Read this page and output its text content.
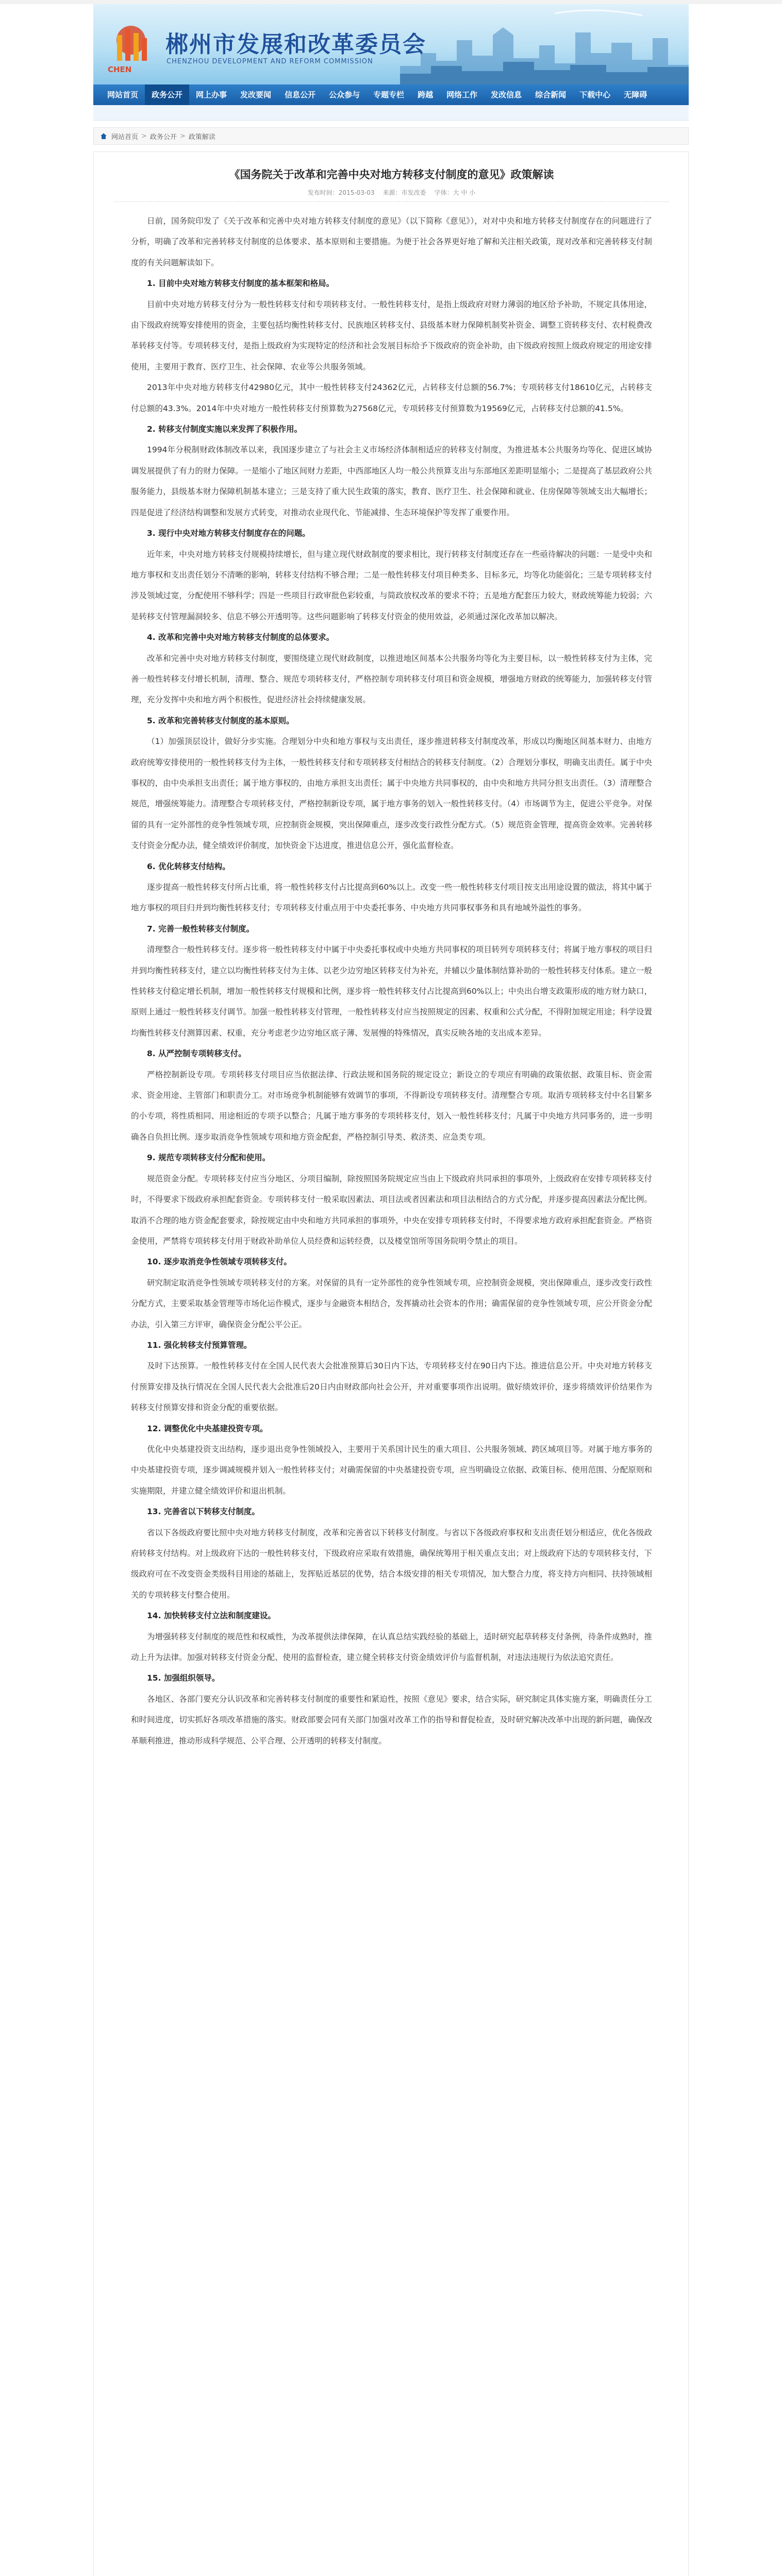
CHEN
郴州市发展和改革委员会
CHENZHOU DEVELOPMENT AND REFORM COMMISSION
网站首页	政务公开	网上办事	发改要闻	信息公开	公众参与	专题专栏	跨越	网络工作	发改信息	综合新闻	下载中心	无障碍
网站首页 > 政务公开 > 政策解读
《国务院关于改革和完善中央对地方转移支付制度的意见》政策解读
发布时间：2015-03-03 来源：市发改委 字体：大 中 小

日前，国务院印发了《关于改革和完善中央对地方转移支付制度的意见》（以下简称《意见》），对对中央和地方转移支付制度存在的问题进行了分析，明确了改革和完善转移支付制度的总体要求、基本原则和主要措施。为便于社会各界更好地了解和关注相关政策，现对改革和完善转移支付制度的有关问题解读如下。

1. 目前中央对地方转移支付制度的基本框架和格局。

目前中央对地方转移支付分为一般性转移支付和专项转移支付。一般性转移支付，是指上级政府对财力薄弱的地区给予补助，不规定具体用途，由下级政府统筹安排使用的资金，主要包括均衡性转移支付、民族地区转移支付、县级基本财力保障机制奖补资金、调整工资转移支付、农村税费改革转移支付等。专项转移支付，是指上级政府为实现特定的经济和社会发展目标给予下级政府的资金补助，由下级政府按照上级政府规定的用途安排使用，主要用于教育、医疗卫生、社会保障、农业等公共服务领域。

2013年中央对地方转移支付42980亿元，其中一般性转移支付24362亿元，占转移支付总额的56.7%；专项转移支付18610亿元，占转移支付总额的43.3%。2014年中央对地方一般性转移支付预算数为27568亿元，专项转移支付预算数为19569亿元，占转移支付总额的41.5%。

2. 转移支付制度实施以来发挥了积极作用。

1994年分税制财政体制改革以来，我国逐步建立了与社会主义市场经济体制相适应的转移支付制度，为推进基本公共服务均等化、促进区域协调发展提供了有力的财力保障。一是缩小了地区间财力差距，中西部地区人均一般公共预算支出与东部地区差距明显缩小；二是提高了基层政府公共服务能力，县级基本财力保障机制基本建立；三是支持了重大民生政策的落实，教育、医疗卫生、社会保障和就业、住房保障等领域支出大幅增长；四是促进了经济结构调整和发展方式转变，对推动农业现代化、节能减排、生态环境保护等发挥了重要作用。

3. 现行中央对地方转移支付制度存在的问题。

近年来，中央对地方转移支付规模持续增长，但与建立现代财政制度的要求相比，现行转移支付制度还存在一些亟待解决的问题：一是受中央和地方事权和支出责任划分不清晰的影响，转移支付结构不够合理；二是一般性转移支付项目种类多、目标多元，均等化功能弱化；三是专项转移支付涉及领域过宽，分配使用不够科学；四是一些项目行政审批色彩较重，与简政放权改革的要求不符；五是地方配套压力较大，财政统筹能力较弱；六是转移支付管理漏洞较多、信息不够公开透明等。这些问题影响了转移支付资金的使用效益，必须通过深化改革加以解决。

4. 改革和完善中央对地方转移支付制度的总体要求。

改革和完善中央对地方转移支付制度，要围绕建立现代财政制度，以推进地区间基本公共服务均等化为主要目标，以一般性转移支付为主体，完善一般性转移支付增长机制，清理、整合、规范专项转移支付，严格控制专项转移支付项目和资金规模，增强地方财政的统筹能力，加强转移支付管理，充分发挥中央和地方两个积极性，促进经济社会持续健康发展。

5. 改革和完善转移支付制度的基本原则。

（1）加强顶层设计，做好分步实施。合理划分中央和地方事权与支出责任，逐步推进转移支付制度改革，形成以均衡地区间基本财力、由地方政府统筹安排使用的一般性转移支付为主体，一般性转移支付和专项转移支付相结合的转移支付制度。（2）合理划分事权，明确支出责任。属于中央事权的，由中央承担支出责任；属于地方事权的，由地方承担支出责任；属于中央地方共同事权的，由中央和地方共同分担支出责任。（3）清理整合规范，增强统筹能力。清理整合专项转移支付，严格控制新设专项，属于地方事务的划入一般性转移支付。（4）市场调节为主，促进公平竞争。对保留的具有一定外部性的竞争性领域专项，应控制资金规模，突出保障重点，逐步改变行政性分配方式。（5）规范资金管理，提高资金效率。完善转移支付资金分配办法，健全绩效评价制度，加快资金下达进度，推进信息公开，强化监督检查。

6. 优化转移支付结构。

逐步提高一般性转移支付所占比重，将一般性转移支付占比提高到60%以上。改变一些一般性转移支付项目按支出用途设置的做法，将其中属于地方事权的项目归并到均衡性转移支付；专项转移支付重点用于中央委托事务、中央地方共同事权事务和具有地域外溢性的事务。

7. 完善一般性转移支付制度。

清理整合一般性转移支付。逐步将一般性转移支付中属于中央委托事权或中央地方共同事权的项目转列专项转移支付；将属于地方事权的项目归并到均衡性转移支付，建立以均衡性转移支付为主体、以老少边穷地区转移支付为补充，并辅以少量体制结算补助的一般性转移支付体系。建立一般性转移支付稳定增长机制，增加一般性转移支付规模和比例，逐步将一般性转移支付占比提高到60%以上；中央出台增支政策形成的地方财力缺口，原则上通过一般性转移支付调节。加强一般性转移支付管理，一般性转移支付应当按照规定的因素、权重和公式分配，不得附加规定用途；科学设置均衡性转移支付测算因素、权重，充分考虑老少边穷地区底子薄、发展慢的特殊情况，真实反映各地的支出成本差异。

8. 从严控制专项转移支付。

严格控制新设专项。专项转移支付项目应当依据法律、行政法规和国务院的规定设立；新设立的专项应有明确的政策依据、政策目标、资金需求、资金用途、主管部门和职责分工。对市场竞争机制能够有效调节的事项，不得新设专项转移支付。清理整合专项。取消专项转移支付中名目繁多的小专项，将性质相同、用途相近的专项予以整合；凡属于地方事务的专项转移支付，划入一般性转移支付；凡属于中央地方共同事务的，进一步明确各自负担比例。逐步取消竞争性领域专项和地方资金配套，严格控制引导类、救济类、应急类专项。

9. 规范专项转移支付分配和使用。

规范资金分配。专项转移支付应当分地区、分项目编制，除按照国务院规定应当由上下级政府共同承担的事项外，上级政府在安排专项转移支付时，不得要求下级政府承担配套资金。专项转移支付一般采取因素法、项目法或者因素法和项目法相结合的方式分配，并逐步提高因素法分配比例。取消不合理的地方资金配套要求，除按规定由中央和地方共同承担的事项外，中央在安排专项转移支付时，不得要求地方政府承担配套资金。严格资金使用，严禁将专项转移支付用于财政补助单位人员经费和运转经费，以及楼堂馆所等国务院明令禁止的项目。

10. 逐步取消竞争性领域专项转移支付。

研究制定取消竞争性领域专项转移支付的方案。对保留的具有一定外部性的竞争性领域专项，应控制资金规模，突出保障重点，逐步改变行政性分配方式，主要采取基金管理等市场化运作模式，逐步与金融资本相结合，发挥撬动社会资本的作用；确需保留的竞争性领域专项，应公开资金分配办法，引入第三方评审，确保资金分配公平公正。

11. 强化转移支付预算管理。

及时下达预算。一般性转移支付在全国人民代表大会批准预算后30日内下达，专项转移支付在90日内下达。推进信息公开。中央对地方转移支付预算安排及执行情况在全国人民代表大会批准后20日内由财政部向社会公开，并对重要事项作出说明。做好绩效评价，逐步将绩效评价结果作为转移支付预算安排和资金分配的重要依据。

12. 调整优化中央基建投资专项。

优化中央基建投资支出结构，逐步退出竞争性领域投入，主要用于关系国计民生的重大项目、公共服务领域、跨区域项目等。对属于地方事务的中央基建投资专项，逐步调减规模并划入一般性转移支付；对确需保留的中央基建投资专项，应当明确设立依据、政策目标、使用范围、分配原则和实施期限，并建立健全绩效评价和退出机制。

13. 完善省以下转移支付制度。

省以下各级政府要比照中央对地方转移支付制度，改革和完善省以下转移支付制度。与省以下各级政府事权和支出责任划分相适应，优化各级政府转移支付结构。对上级政府下达的一般性转移支付，下级政府应采取有效措施，确保统筹用于相关重点支出；对上级政府下达的专项转移支付，下级政府可在不改变资金类级科目用途的基础上，发挥贴近基层的优势，结合本级安排的相关专项情况，加大整合力度，将支持方向相同、扶持领域相关的专项转移支付整合使用。

14. 加快转移支付立法和制度建设。

为增强转移支付制度的规范性和权威性，为改革提供法律保障，在认真总结实践经验的基础上，适时研究起草转移支付条例，待条件成熟时，推动上升为法律。加强对转移支付资金分配、使用的监督检查，建立健全转移支付资金绩效评价与监督机制，对违法违规行为依法追究责任。

15. 加强组织领导。

各地区、各部门要充分认识改革和完善转移支付制度的重要性和紧迫性，按照《意见》要求，结合实际，研究制定具体实施方案，明确责任分工和时间进度，切实抓好各项改革措施的落实。财政部要会同有关部门加强对改革工作的指导和督促检查，及时研究解决改革中出现的新问题，确保改革顺利推进，推动形成科学规范、公平合理、公开透明的转移支付制度。
